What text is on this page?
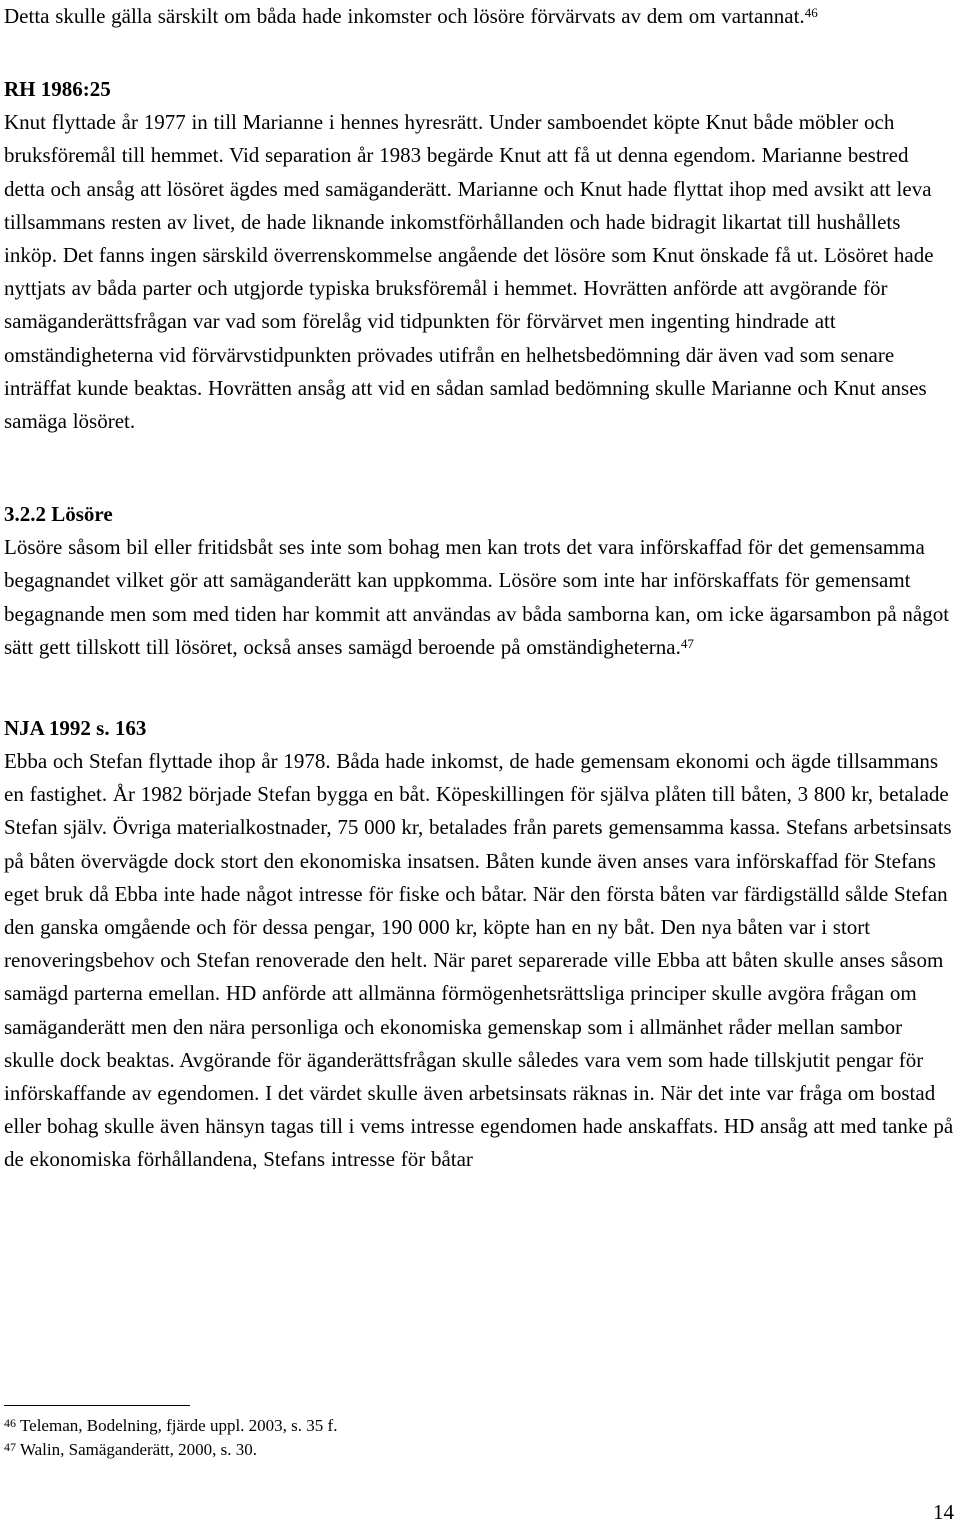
Detta skulle gälla särskilt om båda hade inkomster och lösöre förvärvats av dem om vartannat.$^{46}$

RH 1986:25

Knut flyttade år 1977 in till Marianne i hennes hyresrätt. Under samboendet köpte Knut både möbler och bruksföremål till hemmet. Vid separation år 1983 begärde Knut att få ut denna egendom. Marianne bestred detta och ansåg att lösöret ägdes med samäganderätt. Marianne och Knut hade flyttat ihop med avsikt att leva tillsammans resten av livet, de hade liknande inkomstförhållanden och hade bidragit likartat till hushållets inköp. Det fanns ingen särskild överrenskommelse angående det lösöre som Knut önskade få ut. Lösöret hade nyttjats av båda parter och utgjorde typiska bruksföremål i hemmet. Hovrätten anförde att avgörande för samäganderättsfrågan var vad som förelåg vid tidpunkten för förvärvet men ingenting hindrade att omständigheterna vid förvärvstidpunkten prövades utifrån en helhetsbedömning där även vad som senare inträffat kunde beaktas. Hovrätten ansåg att vid en sådan samlad bedömning skulle Marianne och Knut anses samäga lösöret.

3.2.2 Lösöre

Lösöre såsom bil eller fritidsbåt ses inte som bohag men kan trots det vara införskaffad för det gemensamma begagnandet vilket gör att samäganderätt kan uppkomma. Lösöre som inte har införskaffats för gemensamt begagnande men som med tiden har kommit att användas av båda samborna kan, om icke ägarsambon på något sätt gett tillskott till lösöret, också anses samägd beroende på omständigheterna.$^{47}$

NJA 1992 s. 163

Ebba och Stefan flyttade ihop år 1978. Båda hade inkomst, de hade gemensam ekonomi och ägde tillsammans en fastighet. År 1982 började Stefan bygga en båt. Köpeskillingen för själva plåten till båten, 3 800 kr, betalade Stefan själv. Övriga materialkostnader, 75 000 kr, betalades från parets gemensamma kassa. Stefans arbetsinsats på båten övervägde dock stort den ekonomiska insatsen. Båten kunde även anses vara införskaffad för Stefans eget bruk då Ebba inte hade något intresse för fiske och båtar. När den första båten var färdigställd sålde Stefan den ganska omgående och för dessa pengar, 190 000 kr, köpte han en ny båt. Den nya båten var i stort renoveringsbehov och Stefan renoverade den helt. När paret separerade ville Ebba att båten skulle anses såsom samägd parterna emellan. HD anförde att allmänna förmögenhetsrättsliga principer skulle avgöra frågan om samäganderätt men den nära personliga och ekonomiska gemenskap som i allmänhet råder mellan sambor skulle dock beaktas. Avgörande för äganderättsfrågan skulle således vara vem som hade tillskjutit pengar för införskaffande av egendomen. I det värdet skulle även arbetsinsats räknas in. När det inte var fråga om bostad eller bohag skulle även hänsyn tagas till i vems intresse egendomen hade anskaffats. HD ansåg att med tanke på de ekonomiska förhållandena, Stefans intresse för båtar

$^{46}$ Teleman, Bodelning, fjärde uppl. 2003, s. 35 f.
$^{47}$ Walin, Samäganderätt, 2000, s. 30.
14
